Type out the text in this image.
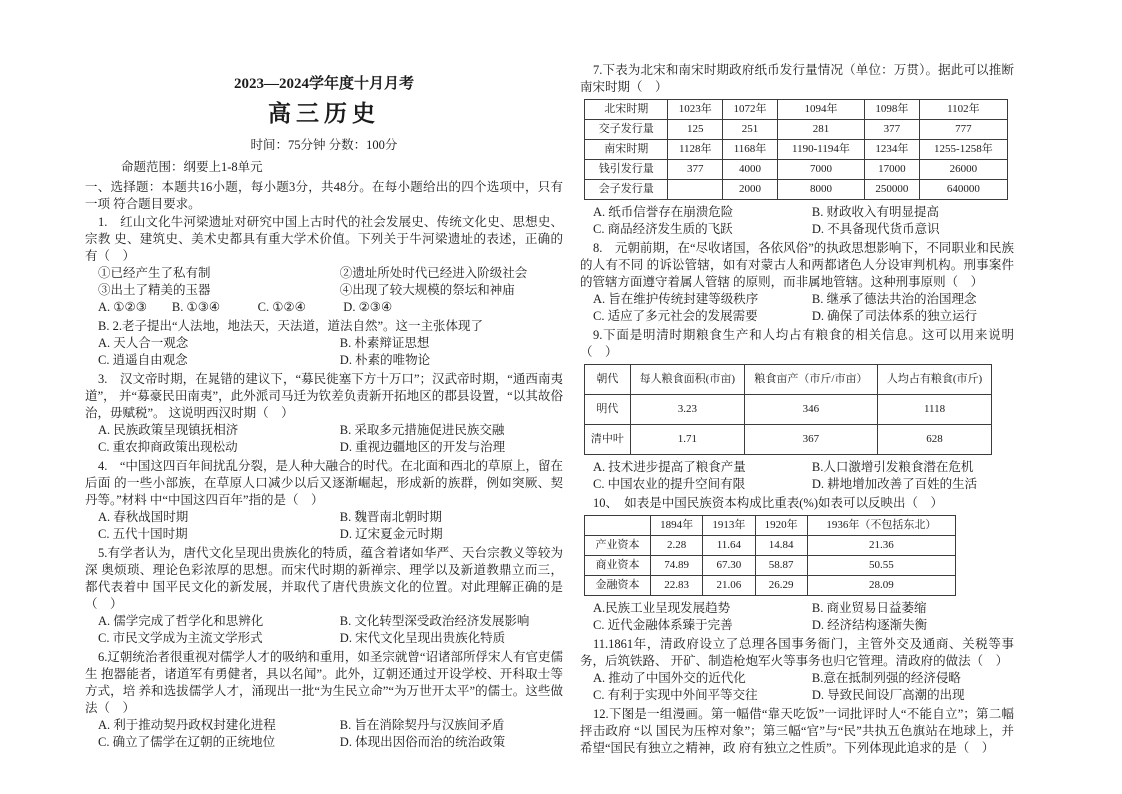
2023—2024学年度十月月考

高三历史

时间：75分钟 分数：100分

命题范围：纲要上1-8单元

一、选择题：本题共16小题，每小题3分，共48分。在每小题给出的四个选项中，只有一项 符合题目要求。

1.　红山文化牛河梁遗址对研究中国上古时代的社会发展史、传统文化史、思想史、宗教 史、建筑史、美术史都具有重大学术价值。下列关于牛河梁遗址的表述，正确的有（　）

①已经产生了私有制	②遗址所处时代已经进入阶级社会
③出土了精美的玉器	④出现了较大规模的祭坛和神庙
A. ①②③　　B. ①③④　　　C. ①②④　　　D. ②③④

B. 2.老子提出“人法地，地法天，天法道，道法自然”。这一主张体现了

A. 天人合一观念	B. 朴素辩证思想
C. 逍遥自由观念	D. 朴素的唯物论

3.　汉文帝时期，在晁错的建议下，“募民徙塞下方十万口”；汉武帝时期，“通西南夷道”， 并“募豪民田南夷”，此外派司马迁为钦差负责新开拓地区的郡县设置，“以其故俗治，毋赋税”。 这说明西汉时期（　）

A. 民族政策呈现镇抚相济	B. 采取多元措施促进民族交融
C. 重农抑商政策出现松动	D. 重视边疆地区的开发与治理

4.　“中国这四百年间扰乱分裂，是人种大融合的时代。在北面和西北的草原上，留在后面 的一些小部族，在草原人口减少以后又逐渐崛起，形成新的族群，例如突厥、契丹等。”材料 中“中国这四百年”指的是（　）

A. 春秋战国时期	B. 魏晋南北朝时期
C. 五代十国时期	D. 辽宋夏金元时期

5.有学者认为，唐代文化呈现出贵族化的特质，蕴含着诸如华严、天台宗教义等较为深 奥烦琐、理论色彩浓厚的思想。而宋代时期的新禅宗、理学以及新道教鼎立而三，都代表着中 国平民文化的新发展，并取代了唐代贵族文化的位置。对此理解正确的是（　）

A. 儒学完成了哲学化和思辨化	B. 文化转型深受政治经济发展影响
C. 市民文学成为主流文学形式	D. 宋代文化呈现出贵族化特质

6.辽朝统治者很重视对儒学人才的吸纳和重用，如圣宗就曾“诏诸部所俘宋人有官吏儒生 抱器能者，诸道军有勇健者，具以名闻”。此外，辽朝还通过开设学校、开科取士等方式，培 养和选拔儒学人才，涌现出一批“为生民立命”“为万世开太平”的儒士。这些做法（　）

A. 利于推动契丹政权封建化进程	B. 旨在消除契丹与汉族间矛盾
C. 确立了儒学在辽朝的正统地位	D. 体现出因俗而治的统治政策

7.下表为北宋和南宋时期政府纸币发行量情况（单位：万贯）。据此可以推断南宋时期（　）

北宋时期	1023年	1072年	1094年	1098年	1102年
交子发行量	125	251	281	377	777
南宋时期	1128年	1168年	1190-1194年	1234年	1255-1258年
钱引发行量	377	4000	7000	17000	26000
会子发行量		2000	8000	250000	640000
A. 纸币信誉存在崩溃危险	B. 财政收入有明显提高
C. 商品经济发生质的飞跃	D. 不具备现代货币意识

8.　元朝前期，在“尽收诸国，各依风俗”的执政思想影响下，不同职业和民族的人有不同 的诉讼管辖，如有对蒙古人和两都诸色人分设审判机构。刑事案件的管辖方面遵守着属人管辖 的原则，而非属地管辖。这种刑事原则（　）

A. 旨在维护传统封建等级秩序	B. 继承了德法共治的治国理念
C. 适应了多元社会的发展需要	D. 确保了司法体系的独立运行

9.下面是明清时期粮食生产和人均占有粮食的相关信息。这可以用来说明（　）

朝代	每人粮食面积(市亩)	粮食亩产（市斤/市亩）	人均占有粮食(市斤)
明代	3.23	346	1118
清中叶	1.71	367	628
A. 技术进步提高了粮食产量	B.人口激增引发粮食潜在危机
C. 中国农业的提升空间有限	D. 耕地增加改善了百姓的生活

10、　如表是中国民族资本构成比重表(%)如表可以反映出（　）

	1894年	1913年	1920年	1936年（不包括东北）
产业资本	2.28	11.64	14.84	21.36
商业资本	74.89	67.30	58.87	50.55
金融资本	22.83	21.06	26.29	28.09
A.民族工业呈现发展趋势	B. 商业贸易日益萎缩
C. 近代金融体系臻于完善	D. 经济结构逐渐失衡

11.1861年，清政府设立了总理各国事务衙门，主管外交及通商、关税等事务，后筑铁路、 开矿、制造枪炮军火等事务也归它管理。清政府的做法（　）

A. 推动了中国外交的近代化	B.意在抵制列强的经济侵略
C. 有利于实现中外间平等交往	D. 导致民间设厂高潮的出现

12.下图是一组漫画。第一幅借“靠天吃饭”一词批评时人“不能自立”；第二幅抨击政府 “以 国民为压榨对象”；第三幅“官”与“民”共执五色旗站在地球上，并希望“国民有独立之精神，政 府有独立之性质”。下列体现此追求的是（　）
